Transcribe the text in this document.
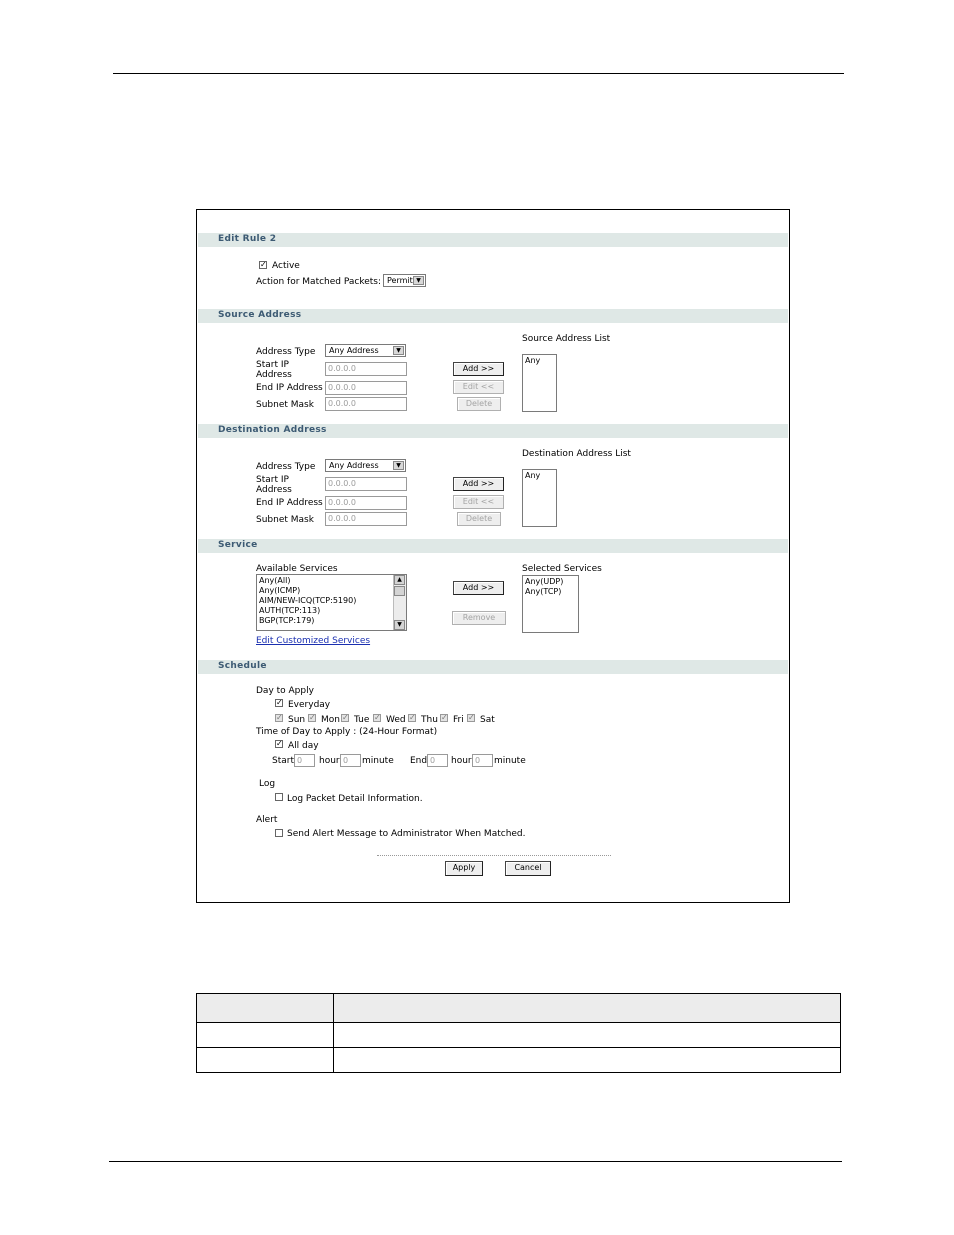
Edit Rule 2
✓ Active
Action for Matched Packets: Permit ▼
Source Address
Source Address List
Address Type	Any Address	▼
Start IP
Address
0.0.0.0
End IP Address 0.0.0.0
Subnet Mask	0.0.0.0
Add >>
Edit <<
Delete
Any
Destination Address
Destination Address List
Address Type	Any Address	▼
Start IP
Address
0.0.0.0
End IP Address 0.0.0.0
Subnet Mask	0.0.0.0
Add >>
Edit <<
Delete
Any
Service
Available Services	Selected Services
Any(All)
Any(ICMP)
AIM/NEW-ICQ(TCP:5190)
AUTH(TCP:113)
BGP(TCP:179)
▲
▼
Add >>
Remove
Any(UDP)
Any(TCP)
Edit Customized Services
Schedule
Day to Apply
✓ Everyday
✓ Sun ✓ Mon ✓ Tue ✓ Wed ✓ Thu ✓ Fri ✓ Sat
Time of Day to Apply : (24-Hour Format)
✓ All day
Start 0	hour 0	minute End 0	hour 0	minute
Log
Log Packet Detail Information.
Alert
Send Alert Message to Administrator When Matched.
Apply	Cancel
